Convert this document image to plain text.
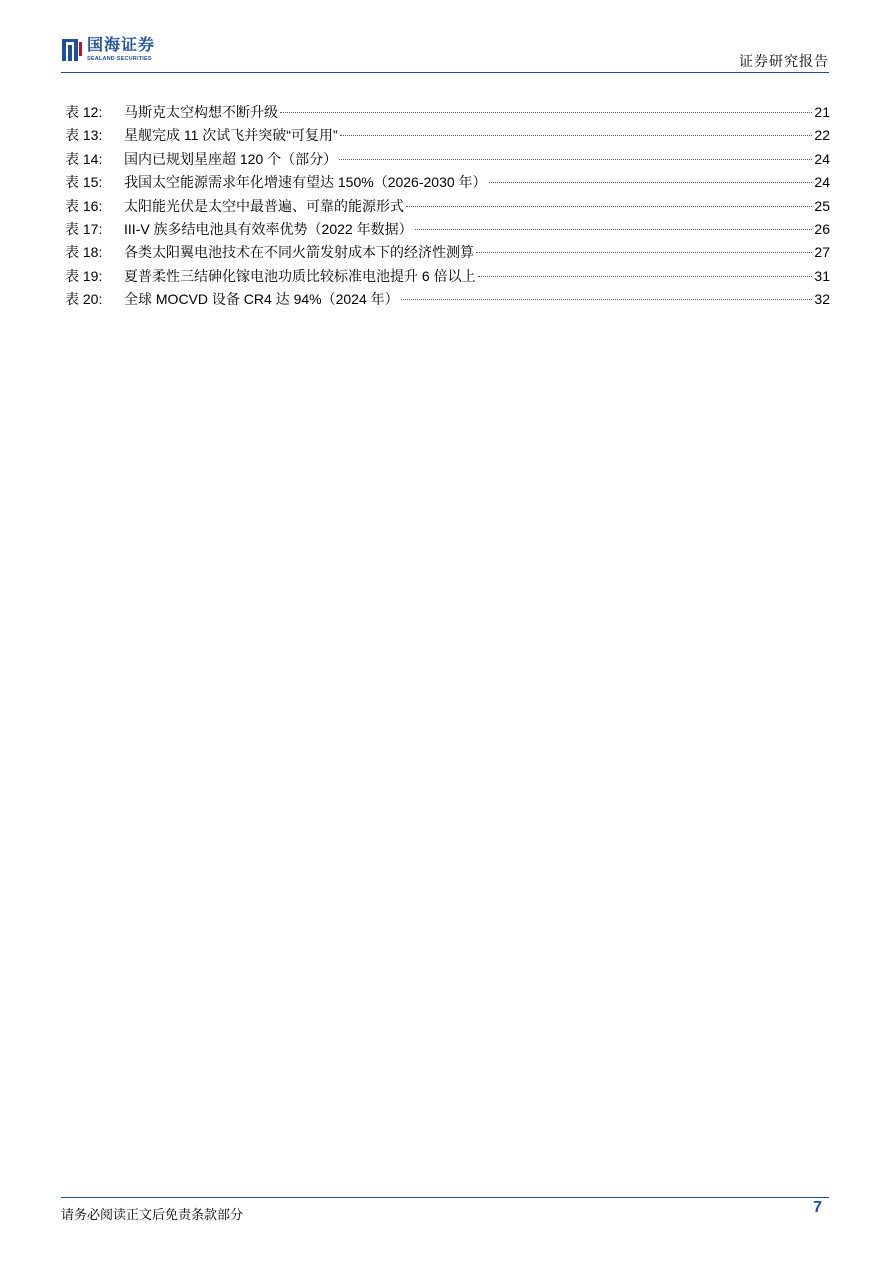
国海证券
SEALAND SECURITIES	证券研究报告
表 12:	马斯克太空构想不断升级	21
表 13:	星舰完成 11 次试飞并突破“可复用”	22
表 14:	国内已规划星座超 120 个（部分）	24
表 15:	我国太空能源需求年化增速有望达 150%（2026-2030 年）	24
表 16:	太阳能光伏是太空中最普遍、可靠的能源形式	25
表 17:	III-V 族多结电池具有效率优势（2022 年数据）	26
表 18:	各类太阳翼电池技术在不同火箭发射成本下的经济性测算	27
表 19:	夏普柔性三结砷化镓电池功质比较标准电池提升 6 倍以上	31
表 20:	全球 MOCVD 设备 CR4 达 94%（2024 年）	32
请务必阅读正文后免责条款部分	7
